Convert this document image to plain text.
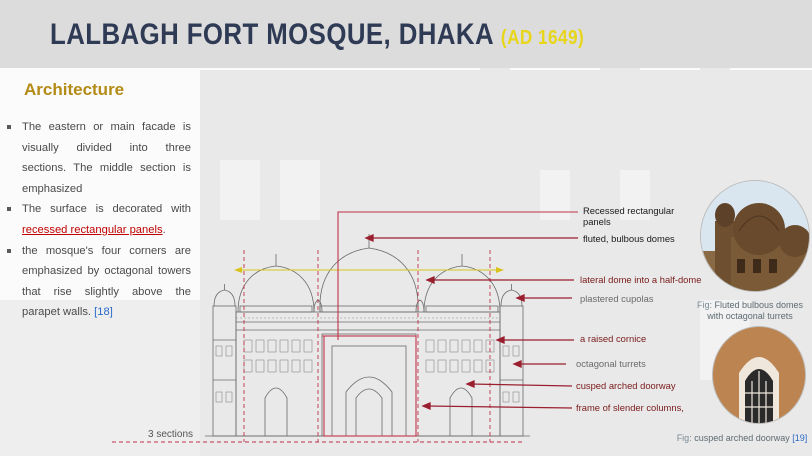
LALBAGH FORT MOSQUE, DHAKA (AD 1649)
Architecture
The eastern or main facade is visually divided into three sections. The middle section is emphasized
The surface is decorated with recessed rectangular panels.
the mosque's four corners are emphasized by octagonal towers that rise slightly above the parapet walls. [18]
Recessed rectangular panels
fluted, bulbous domes
lateral dome into a half-dome
plastered cupolas
a raised cornice
octagonal turrets
cusped arched doorway
frame of slender columns,
3 sections
Fig: Fluted bulbous domes
with octagonal turrets
Fig: cusped arched doorway [19]
